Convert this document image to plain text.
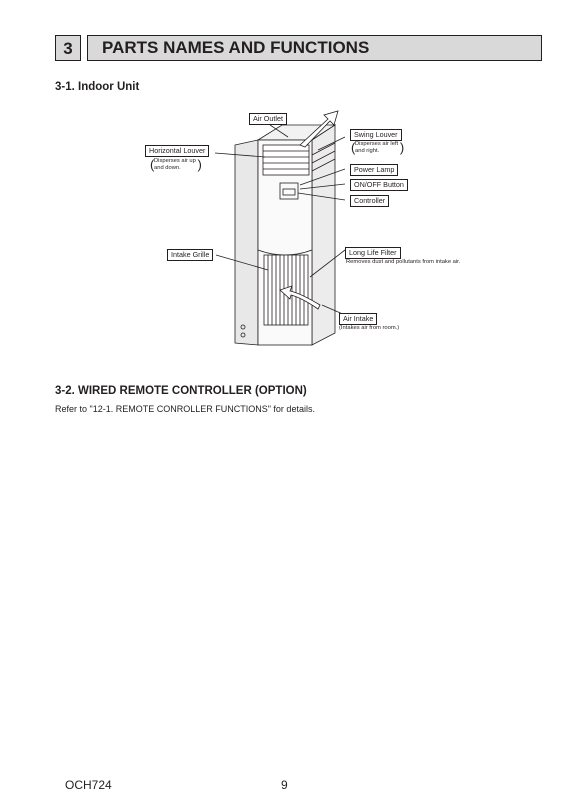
3	PARTS NAMES AND FUNCTIONS
3-1. Indoor Unit
Air Outlet
Swing Louver
( Disperses air left
and right.
)
Horizontal Louver
( Disperses air up
and down.
)	Power Lamp
ON/OFF Button
Controller
Intake Grille	Long Life Filter
Removes dust and pollutants from intake air.
Air Intake
(Intakes air from room.)
3-2. WIRED REMOTE CONTROLLER (OPTION)
Refer to "12-1. REMOTE CONROLLER FUNCTIONS" for details.
OCH724	9
